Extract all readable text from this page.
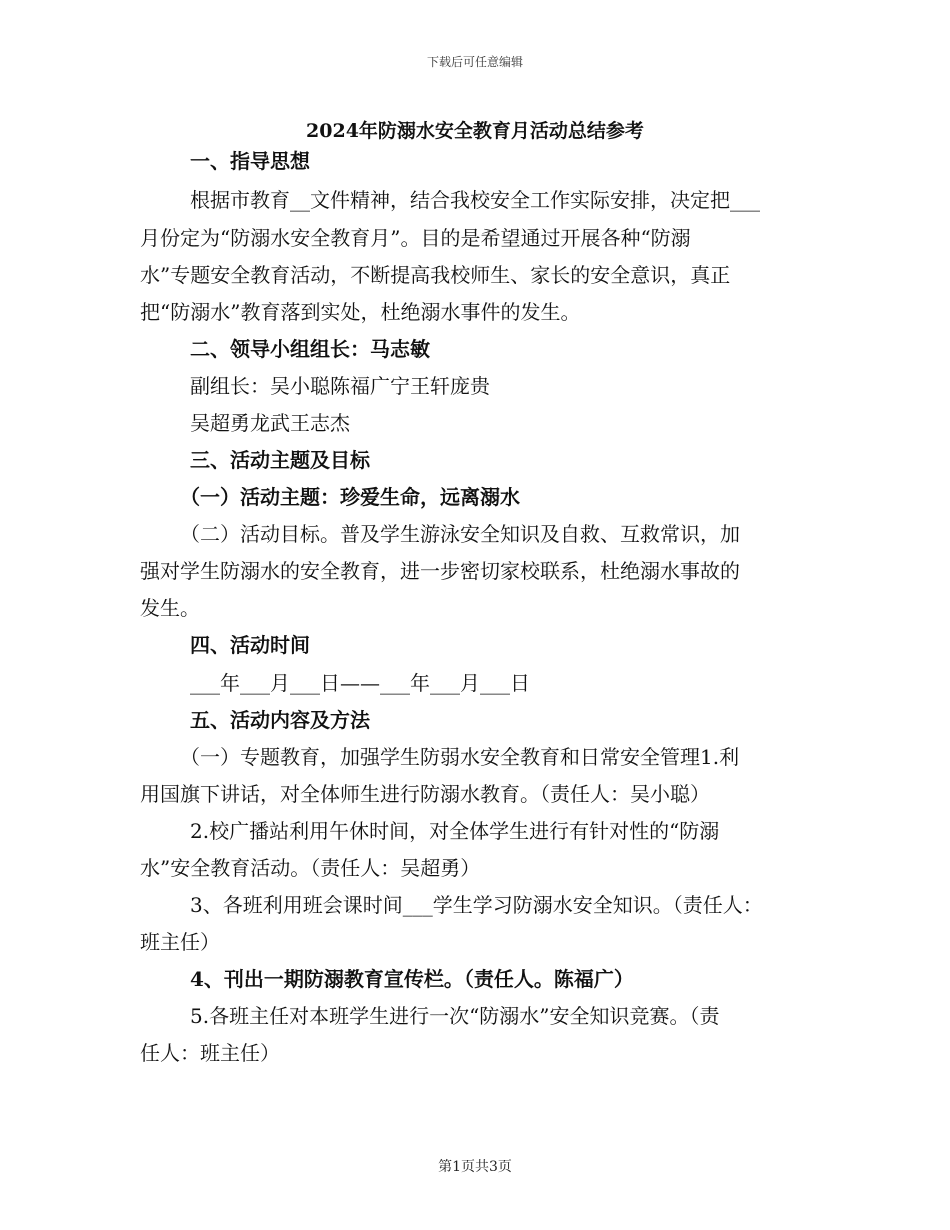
下载后可任意编辑
2024年防溺水安全教育月活动总结参考
一、指导思想
根据市教育__文件精神，结合我校安全工作实际安排，决定把___
月份定为“防溺水安全教育月”。目的是希望通过开展各种“防溺
水”专题安全教育活动，不断提高我校师生、家长的安全意识，真正
把“防溺水”教育落到实处，杜绝溺水事件的发生。
二、领导小组组长：马志敏
副组长：吴小聪陈福广宁王轩庞贵
吴超勇龙武王志杰
三、活动主题及目标
（一）活动主题：珍爱生命，远离溺水
（二）活动目标。普及学生游泳安全知识及自救、互救常识，加
强对学生防溺水的安全教育，进一步密切家校联系，杜绝溺水事故的
发生。
四、活动时间
___年___月___日——___年___月___日
五、活动内容及方法
（一）专题教育，加强学生防弱水安全教育和日常安全管理1.利
用国旗下讲话，对全体师生进行防溺水教育。（责任人：吴小聪）
2.校广播站利用午休时间，对全体学生进行有针对性的“防溺
水”安全教育活动。（责任人：吴超勇）
3、各班利用班会课时间___学生学习防溺水安全知识。（责任人：
班主任）
4、刊出一期防溺教育宣传栏。（责任人。陈福广）
5.各班主任对本班学生进行一次“防溺水”安全知识竞赛。（责
任人：班主任）
第1页共3页
